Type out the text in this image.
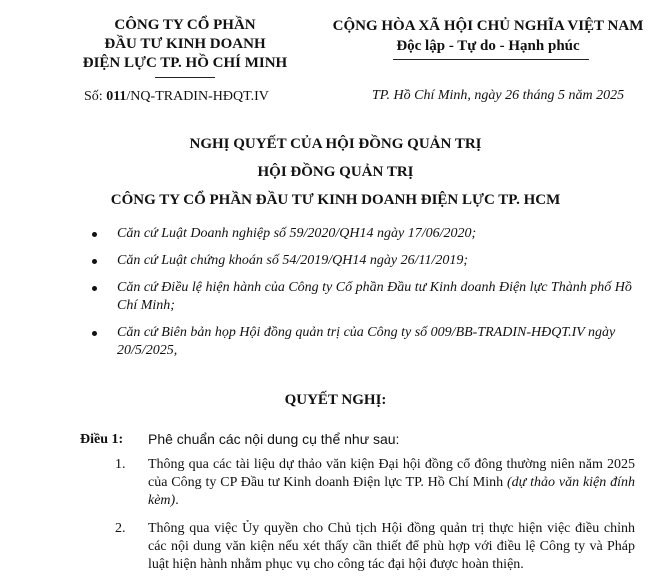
CÔNG TY CỔ PHẦN
ĐẦU TƯ KINH DOANH
ĐIỆN LỰC TP. HỒ CHÍ MINH
CỘNG HÒA XÃ HỘI CHỦ NGHĨA VIỆT NAM
Độc lập - Tự do - Hạnh phúc
Số: 011/NQ-TRADIN-HĐQT.IV	TP. Hồ Chí Minh, ngày 26 tháng 5 năm 2025
NGHỊ QUYẾT CỦA HỘI ĐỒNG QUẢN TRỊ
HỘI ĐỒNG QUẢN TRỊ
CÔNG TY CỔ PHẦN ĐẦU TƯ KINH DOANH ĐIỆN LỰC TP. HCM
Căn cứ Luật Doanh nghiệp số 59/2020/QH14 ngày 17/06/2020;
Căn cứ Luật chứng khoán số 54/2019/QH14 ngày 26/11/2019;
Căn cứ Điều lệ hiện hành của Công ty Cổ phần Đầu tư Kinh doanh Điện lực Thành phố Hồ Chí Minh;
Căn cứ Biên bản họp Hội đồng quản trị của Công ty số 009/BB-TRADIN-HĐQT.IV ngày 20/5/2025,
QUYẾT NGHỊ:
Điều 1: Phê chuẩn các nội dung cụ thể như sau:
1. Thông qua các tài liệu dự thảo văn kiện Đại hội đồng cổ đông thường niên năm 2025 của Công ty CP Đầu tư Kinh doanh Điện lực TP. Hồ Chí Minh (dự thảo văn kiện đính kèm).
2. Thông qua việc Ủy quyền cho Chủ tịch Hội đồng quản trị thực hiện việc điều chỉnh các nội dung văn kiện nếu xét thấy cần thiết để phù hợp với điều lệ Công ty và Pháp luật hiện hành nhằm phục vụ cho công tác đại hội được hoàn thiện.
